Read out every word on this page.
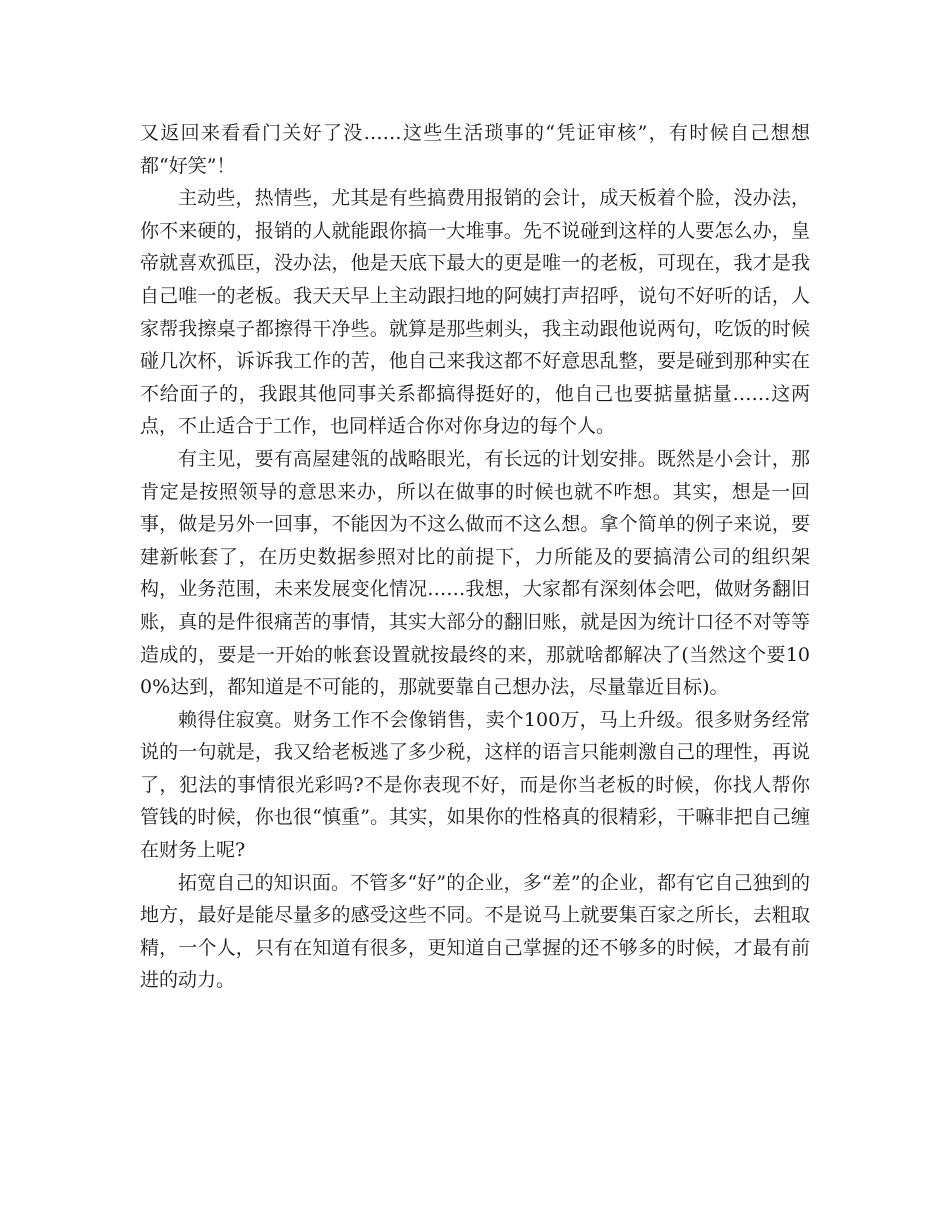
又返回来看看门关好了没……这些生活琐事的“凭证审核”，有时候自己想想都“好笑”！

主动些，热情些，尤其是有些搞费用报销的会计，成天板着个脸，没办法，你不来硬的，报销的人就能跟你搞一大堆事。先不说碰到这样的人要怎么办，皇帝就喜欢孤臣，没办法，他是天底下最大的更是唯一的老板，可现在，我才是我自己唯一的老板。我天天早上主动跟扫地的阿姨打声招呼，说句不好听的话，人家帮我擦桌子都擦得干净些。就算是那些刺头，我主动跟他说两句，吃饭的时候碰几次杯，诉诉我工作的苦，他自己来我这都不好意思乱整，要是碰到那种实在不给面子的，我跟其他同事关系都搞得挺好的，他自己也要掂量掂量……这两点，不止适合于工作，也同样适合你对你身边的每个人。

有主见，要有高屋建瓴的战略眼光，有长远的计划安排。既然是小会计，那肯定是按照领导的意思来办，所以在做事的时候也就不咋想。其实，想是一回事，做是另外一回事，不能因为不这么做而不这么想。拿个简单的例子来说，要建新帐套了，在历史数据参照对比的前提下，力所能及的要搞清公司的组织架构，业务范围，未来发展变化情况……我想，大家都有深刻体会吧，做财务翻旧账，真的是件很痛苦的事情，其实大部分的翻旧账，就是因为统计口径不对等等造成的，要是一开始的帐套设置就按最终的来，那就啥都解决了(当然这个要100%达到，都知道是不可能的，那就要靠自己想办法，尽量靠近目标)。

赖得住寂寞。财务工作不会像销售，卖个100万，马上升级。很多财务经常说的一句就是，我又给老板逃了多少税，这样的语言只能刺激自己的理性，再说了，犯法的事情很光彩吗?不是你表现不好，而是你当老板的时候，你找人帮你管钱的时候，你也很“慎重”。其实，如果你的性格真的很精彩，干嘛非把自己缠在财务上呢?

拓宽自己的知识面。不管多“好”的企业，多“差”的企业，都有它自己独到的地方，最好是能尽量多的感受这些不同。不是说马上就要集百家之所长，去粗取精，一个人，只有在知道有很多，更知道自己掌握的还不够多的时候，才最有前进的动力。
